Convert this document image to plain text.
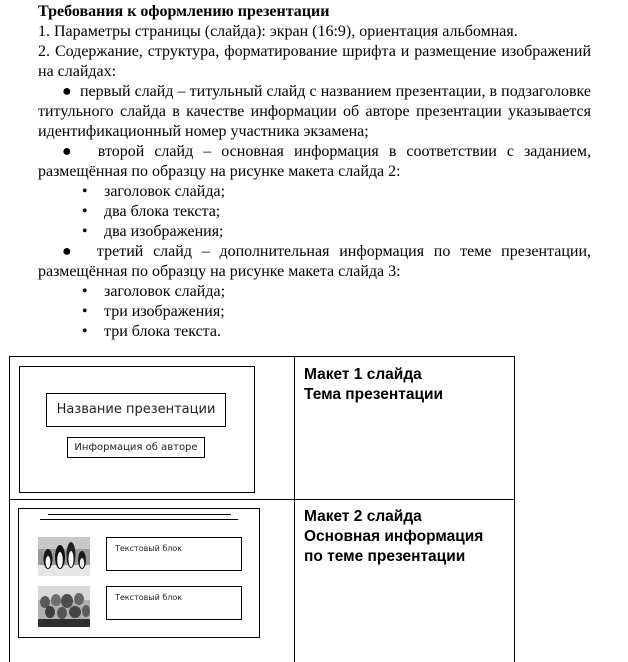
Требования к оформлению презентации
1. Параметры страницы (слайда): экран (16:9), ориентация альбомная.
2. Содержание, структура, форматирование шрифта и размещение изображений на слайдах:
● первый слайд – титульный слайд с названием презентации, в подзаголовке титульного слайда в качестве информации об авторе презентации указывается идентификационный номер участника экзамена;
● второй слайд – основная информация в соответствии с заданием, размещённая по образцу на рисунке макета слайда 2:
• заголовок слайда;
• два блока текста;
• два изображения;
● третий слайд – дополнительная информация по теме презентации, размещённая по образцу на рисунке макета слайда 3:
• заголовок слайда;
• три изображения;
• три блока текста.
Название презентации
Информация об авторе
Макет 1 слайда
Тема презентации
Текстовый блок
Текстовый блок
Макет 2 слайда
Основная информация
по теме презентации
